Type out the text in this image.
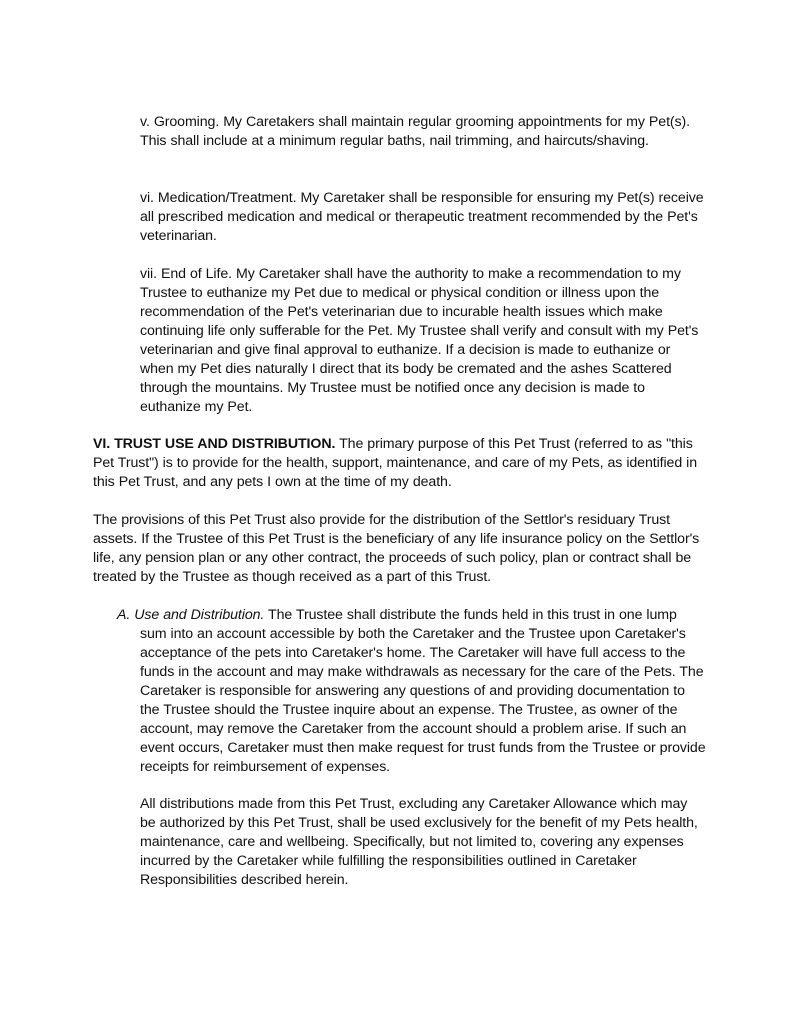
v. Grooming. My Caretakers shall maintain regular grooming appointments for my Pet(s). This shall include at a minimum regular baths, nail trimming, and haircuts/shaving.

vi. Medication/Treatment. My Caretaker shall be responsible for ensuring my Pet(s) receive all prescribed medication and medical or therapeutic treatment recommended by the Pet's veterinarian.

vii. End of Life. My Caretaker shall have the authority to make a recommendation to my Trustee to euthanize my Pet due to medical or physical condition or illness upon the recommendation of the Pet's veterinarian due to incurable health issues which make continuing life only sufferable for the Pet. My Trustee shall verify and consult with my Pet's veterinarian and give final approval to euthanize. If a decision is made to euthanize or when my Pet dies naturally I direct that its body be cremated and the ashes Scattered through the mountains. My Trustee must be notified once any decision is made to euthanize my Pet.

VI. TRUST USE AND DISTRIBUTION. The primary purpose of this Pet Trust (referred to as "this Pet Trust") is to provide for the health, support, maintenance, and care of my Pets, as identified in this Pet Trust, and any pets I own at the time of my death.

The provisions of this Pet Trust also provide for the distribution of the Settlor's residuary Trust assets. If the Trustee of this Pet Trust is the beneficiary of any life insurance policy on the Settlor's life, any pension plan or any other contract, the proceeds of such policy, plan or contract shall be treated by the Trustee as though received as a part of this Trust.

A. Use and Distribution. The Trustee shall distribute the funds held in this trust in one lump sum into an account accessible by both the Caretaker and the Trustee upon Caretaker's acceptance of the pets into Caretaker's home. The Caretaker will have full access to the funds in the account and may make withdrawals as necessary for the care of the Pets. The Caretaker is responsible for answering any questions of and providing documentation to the Trustee should the Trustee inquire about an expense. The Trustee, as owner of the account, may remove the Caretaker from the account should a problem arise. If such an event occurs, Caretaker must then make request for trust funds from the Trustee or provide receipts for reimbursement of expenses.

All distributions made from this Pet Trust, excluding any Caretaker Allowance which may be authorized by this Pet Trust, shall be used exclusively for the benefit of my Pets health, maintenance, care and wellbeing. Specifically, but not limited to, covering any expenses incurred by the Caretaker while fulfilling the responsibilities outlined in Caretaker Responsibilities described herein.
